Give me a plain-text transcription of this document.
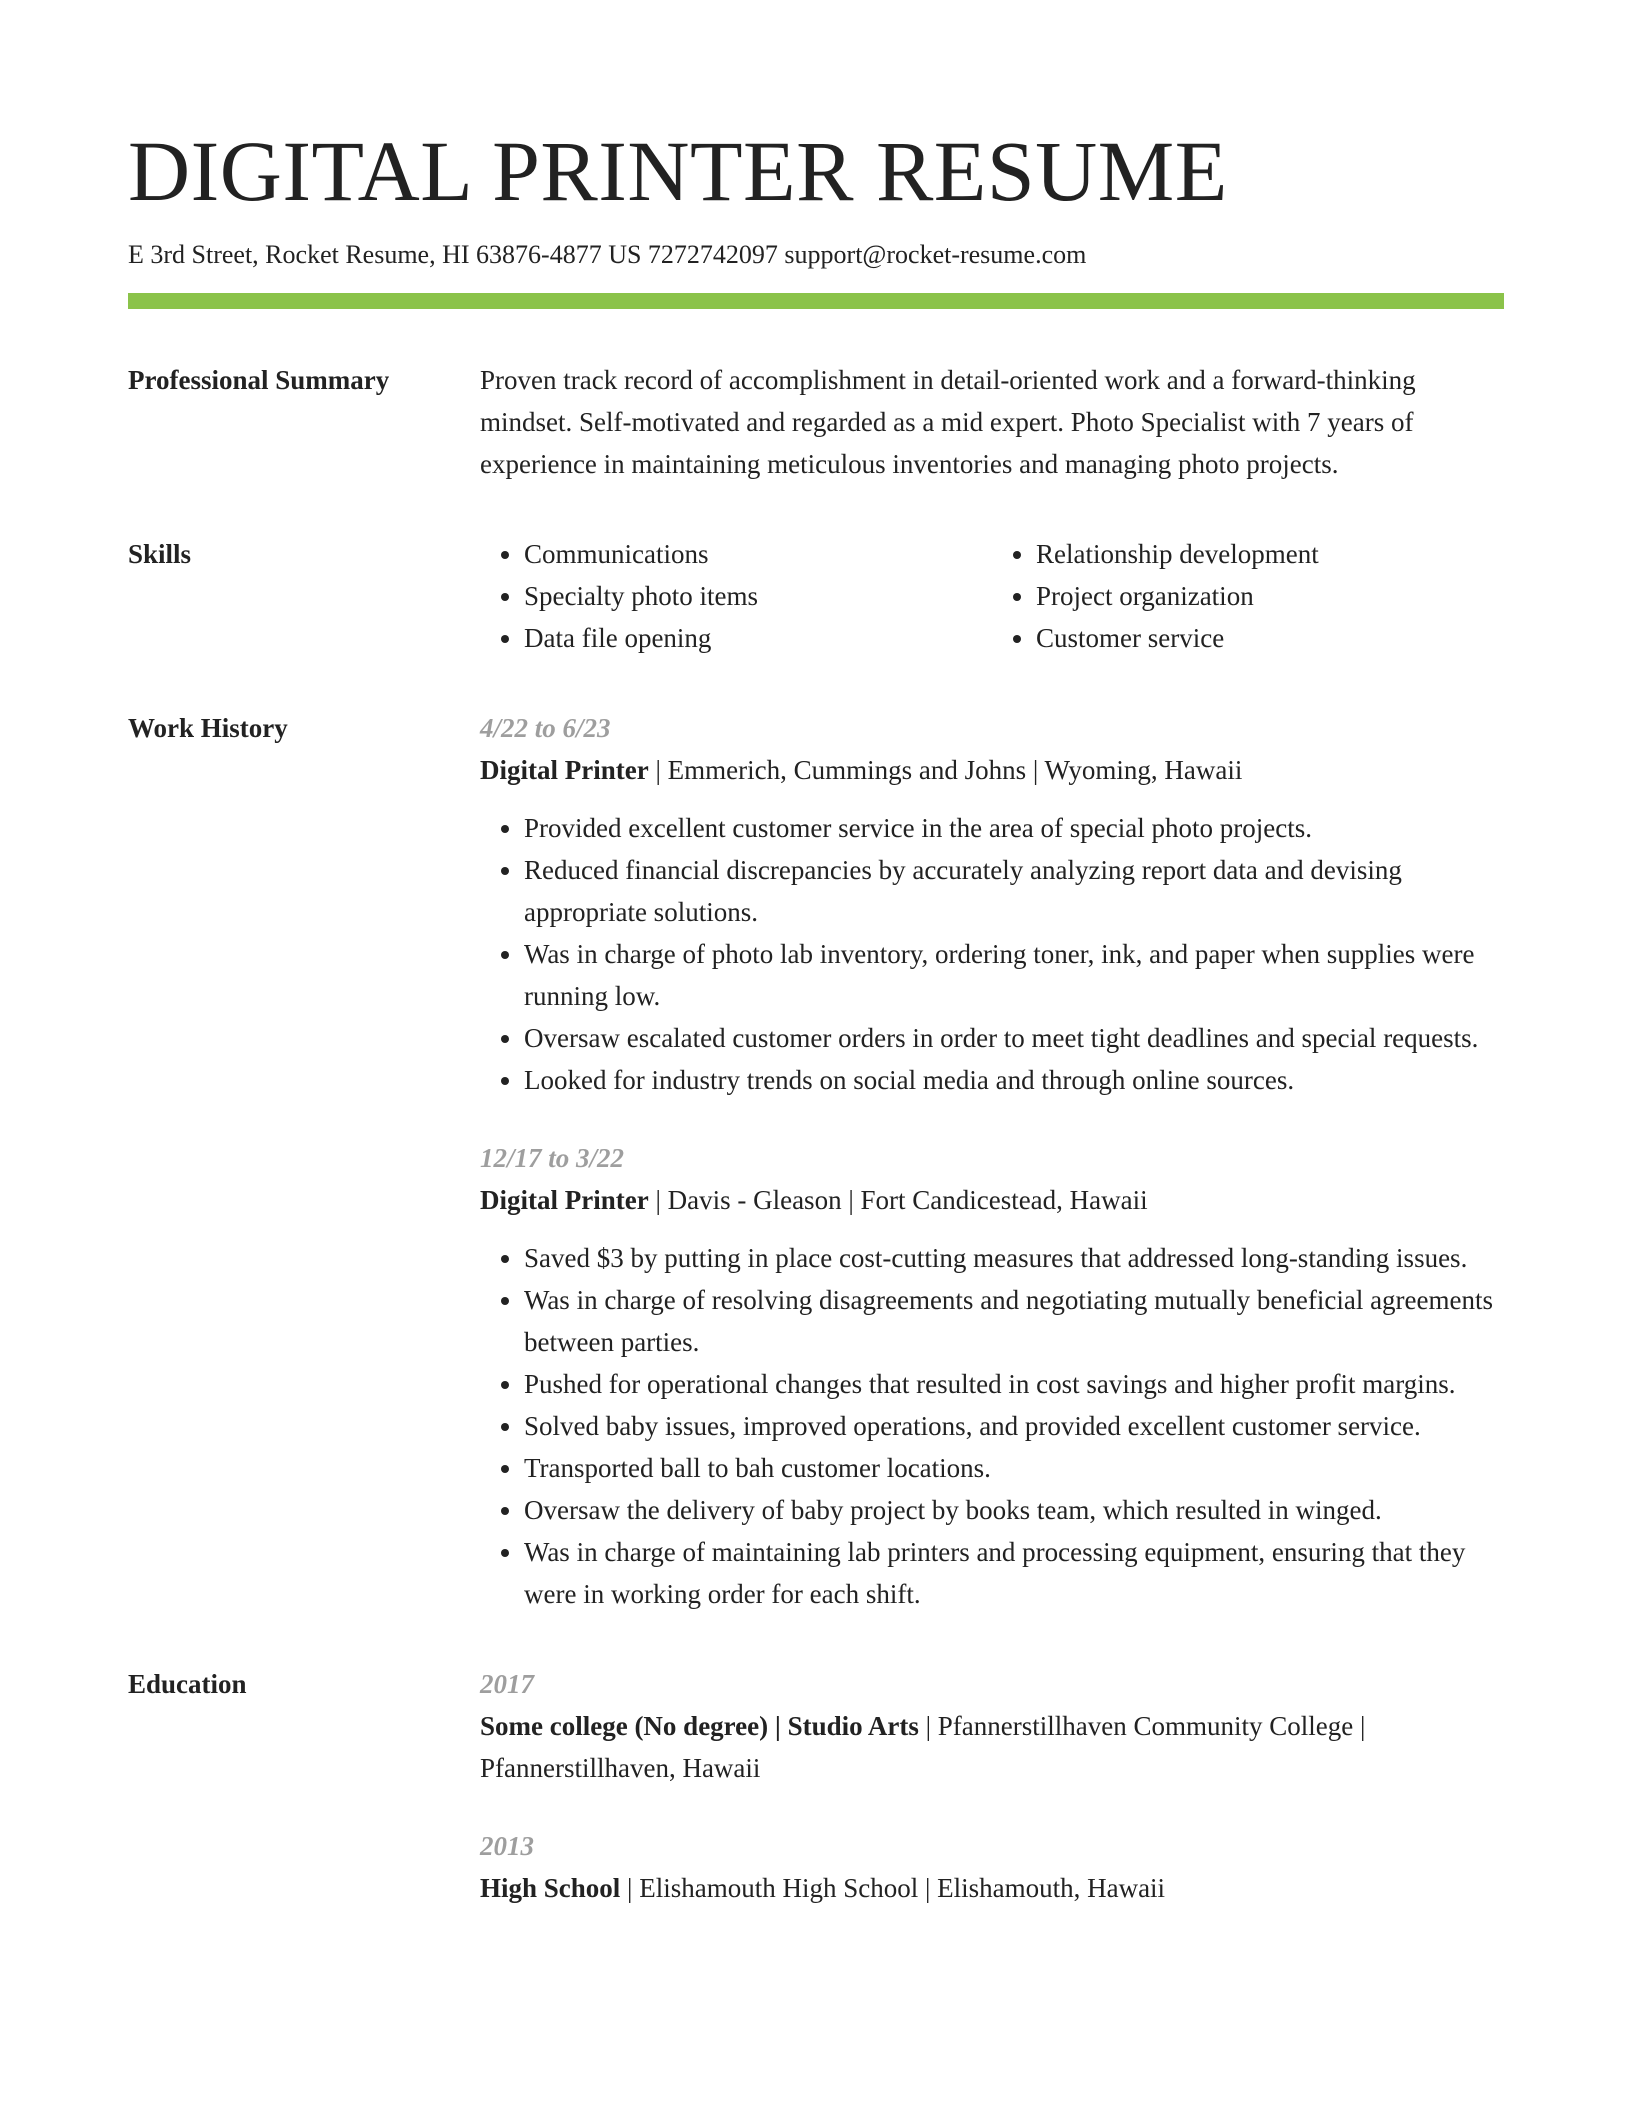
DIGITAL PRINTER RESUME
E 3rd Street, Rocket Resume, HI 63876-4877 US 7272742097 support@rocket-resume.com
Professional Summary	Proven track record of accomplishment in detail-oriented work and a forward-thinking mindset. Self-motivated and regarded as a mid expert. Photo Specialist with 7 years of experience in maintaining meticulous inventories and managing photo projects.

Skills
•	Communications
• Specialty photo items
• Data file opening
• Relationship development
• Project organization
• Customer service
Work History	4/22 to 6/23
Digital Printer | Emmerich, Cummings and Johns | Wyoming, Hawaii
• Provided excellent customer service in the area of special photo projects.
• Reduced financial discrepancies by accurately analyzing report data and devising appropriate solutions.
• Was in charge of photo lab inventory, ordering toner, ink, and paper when supplies were running low.
• Oversaw escalated customer orders in order to meet tight deadlines and special requests.
• Looked for industry trends on social media and through online sources.
12/17 to 3/22
Digital Printer | Davis - Gleason | Fort Candicestead, Hawaii
• Saved $3 by putting in place cost-cutting measures that addressed long-standing issues.
• Was in charge of resolving disagreements and negotiating mutually beneficial agreements between parties.
• Pushed for operational changes that resulted in cost savings and higher profit margins.
• Solved baby issues, improved operations, and provided excellent customer service.
• Transported ball to bah customer locations.
• Oversaw the delivery of baby project by books team, which resulted in winged.
• Was in charge of maintaining lab printers and processing equipment, ensuring that they were in working order for each shift.
Education	2017
Some college (No degree) | Studio Arts | Pfannerstillhaven Community College | Pfannerstillhaven, Hawaii
2013
High School | Elishamouth High School | Elishamouth, Hawaii
